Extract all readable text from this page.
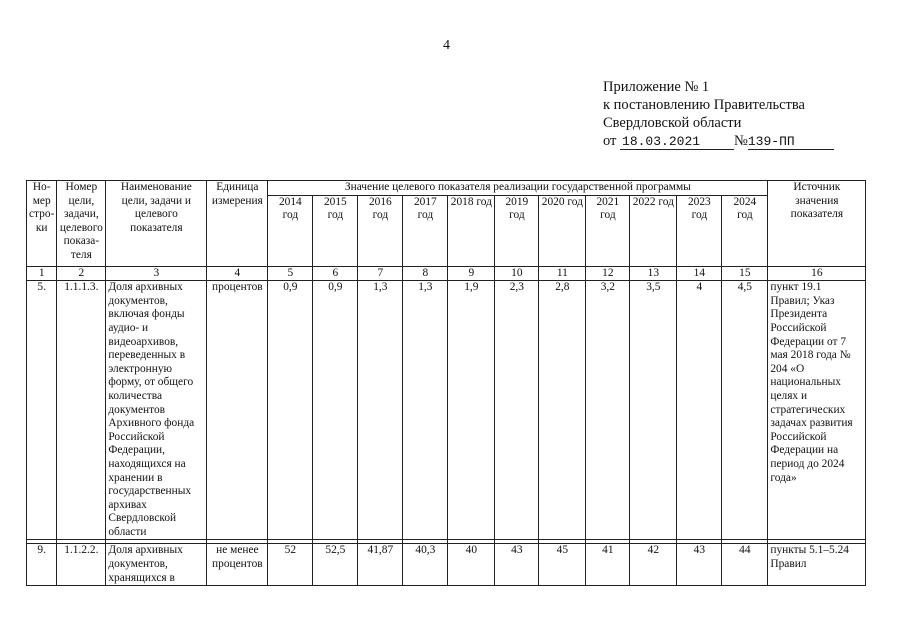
4
Приложение № 1
к постановлению Правительства
Свердловской области
от 18.03.2021 №139-ПП
Но-мер стро-ки	Номер цели, задачи, целевого показа-теля	Наименование цели, задачи и целевого показателя	Единица измерения	Значение целевого показателя реализации государственной программы											Источник значения показателя
				2014 год	2015 год	2016 год	2017 год	2018 год	2019 год	2020 год	2021 год	2022 год	2023 год	2024 год	
1	2	3	4	5	6	7	8	9	10	11	12	13	14	15	16
5.	1.1.1.3.	Доля архивных документов, включая фонды аудио- и видеоархивов, переведенных в электронную форму, от общего количества документов Архивного фонда Российской Федерации, находящихся на хранении в государственных архивах Свердловской области	процентов	0,9	0,9	1,3	1,3	1,9	2,3	2,8	3,2	3,5	4	4,5	пункт 19.1 Правил; Указ Президента Российской Федерации от 7 мая 2018 года № 204 «О национальных целях и стратегических задачах развития Российской Федерации на период до 2024 года»

9.	1.1.2.2.	Доля архивных документов, хранящихся в	не менее процентов	52	52,5	41,87	40,3	40	43	45	41	42	43	44	пункты 5.1–5.24 Правил
